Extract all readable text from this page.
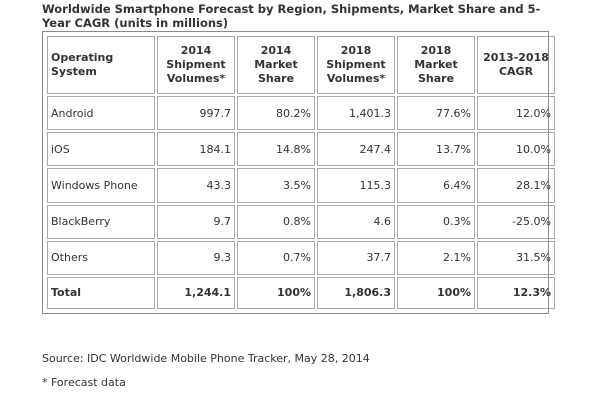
Worldwide Smartphone Forecast by Region, Shipments, Market Share and 5-Year CAGR (units in millions)
Operating System	2014 Shipment Volumes*	2014 Market Share	2018 Shipment Volumes*	2018 Market Share	2013-2018 CAGR
Android	997.7	80.2%	1,401.3	77.6%	12.0%
iOS	184.1	14.8%	247.4	13.7%	10.0%
Windows Phone	43.3	3.5%	115.3	6.4%	28.1%
BlackBerry	9.7	0.8%	4.6	0.3%	-25.0%
Others	9.3	0.7%	37.7	2.1%	31.5%
Total	1,244.1	100%	1,806.3	100%	12.3%
Source: IDC Worldwide Mobile Phone Tracker, May 28, 2014
* Forecast data
